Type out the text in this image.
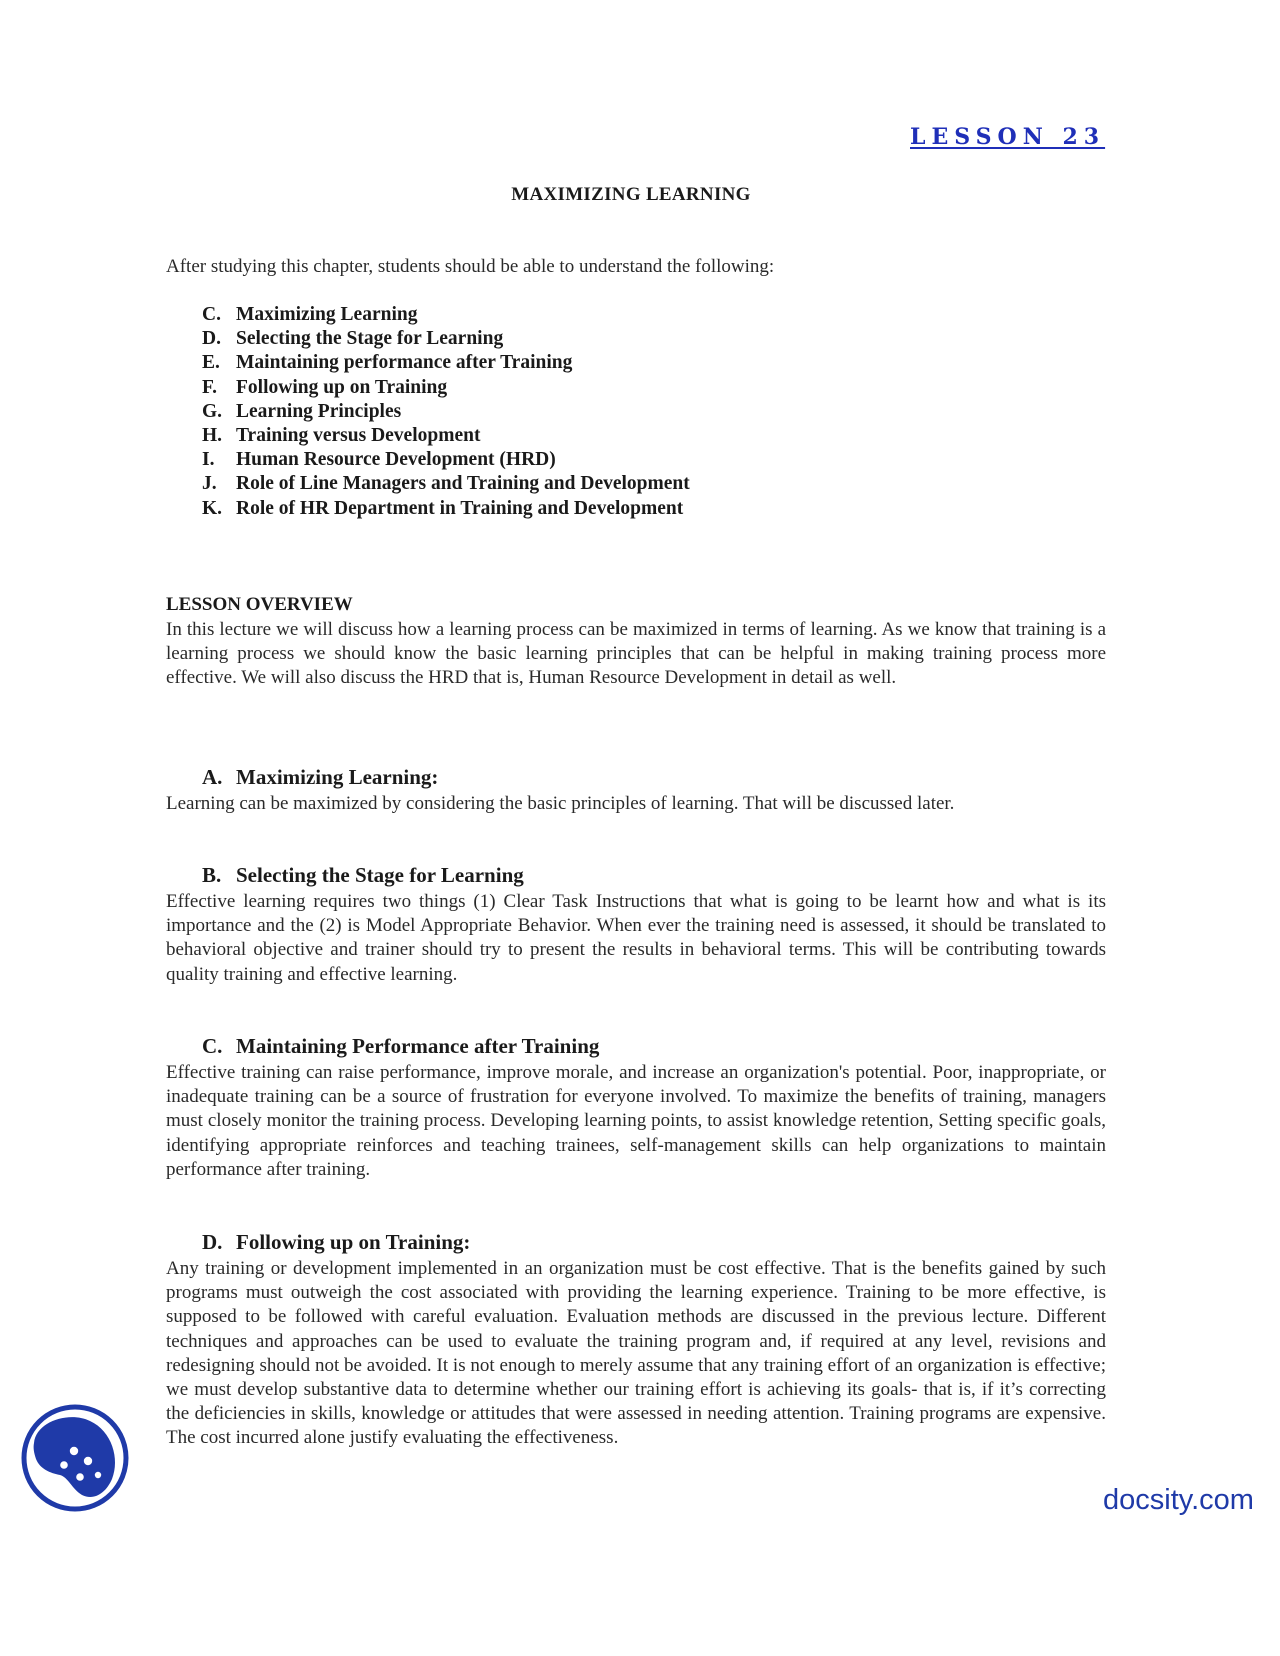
LESSON 23
MAXIMIZING LEARNING
After studying this chapter, students should be able to understand the following:
C. Maximizing Learning
D. Selecting the Stage for Learning
E. Maintaining performance after Training
F. Following up on Training
G. Learning Principles
H. Training versus Development
I. Human Resource Development (HRD)
J. Role of Line Managers and Training and Development
K. Role of HR Department in Training and Development
LESSON OVERVIEW

In this lecture we will discuss how a learning process can be maximized in terms of learning. As we know that training is a learning process we should know the basic learning principles that can be helpful in making training process more effective. We will also discuss the HRD that is, Human Resource Development in detail as well.

A. Maximizing Learning:

Learning can be maximized by considering the basic principles of learning. That will be discussed later.

B. Selecting the Stage for Learning

Effective learning requires two things (1) Clear Task Instructions that what is going to be learnt how and what is its importance and the (2) is Model Appropriate Behavior. When ever the training need is assessed, it should be translated to behavioral objective and trainer should try to present the results in behavioral terms. This will be contributing towards quality training and effective learning.

C. Maintaining Performance after Training

Effective training can raise performance, improve morale, and increase an organization's potential. Poor, inappropriate, or inadequate training can be a source of frustration for everyone involved. To maximize the benefits of training, managers must closely monitor the training process. Developing learning points, to assist knowledge retention, Setting specific goals, identifying appropriate reinforces and teaching trainees, self-management skills can help organizations to maintain performance after training.

D. Following up on Training:

Any training or development implemented in an organization must be cost effective. That is the benefits gained by such programs must outweigh the cost associated with providing the learning experience. Training to be more effective, is supposed to be followed with careful evaluation. Evaluation methods are discussed in the previous lecture. Different techniques and approaches can be used to evaluate the training program and, if required at any level, revisions and redesigning should not be avoided. It is not enough to merely assume that any training effort of an organization is effective; we must develop substantive data to determine whether our training effort is achieving its goals- that is, if it’s correcting the deficiencies in skills, knowledge or attitudes that were assessed in needing attention. Training programs are expensive. The cost incurred alone justify evaluating the effectiveness.

docsity.com
